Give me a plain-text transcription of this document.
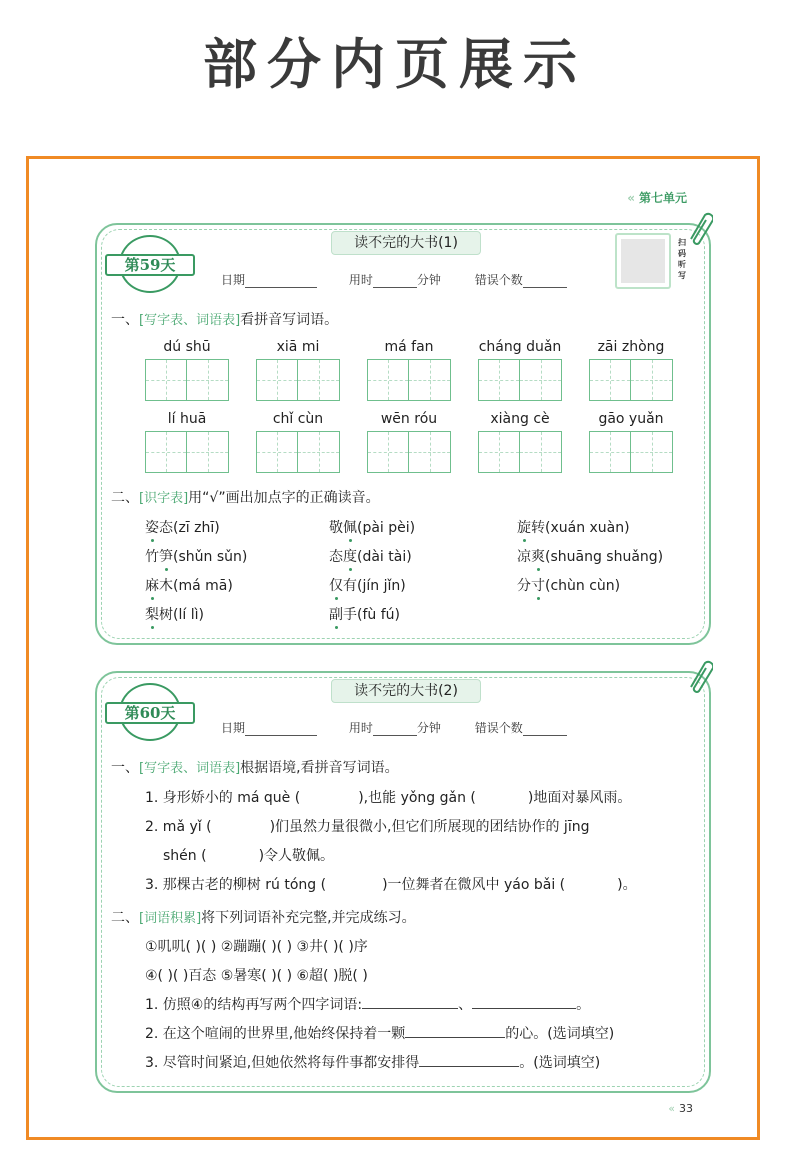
部分内页展示
« 第七单元
第59天
读不完的大书(1)
日期	用时	分钟	错误个数
扫码听写
一、[写字表、词语表]看拼音写词语。
dú shū	xiā mi	má fan	cháng duǎn	zāi zhòng
lí huā	chǐ cùn	wēn róu	xiàng cè	gāo yuǎn
二、[识字表]用“√”画出加点字的正确读音。
姿态(zī zhī)	敬佩(pài pèi)	旋转(xuán xuàn)
竹笋(shǔn sǔn)	态度(dài tài)	凉爽(shuāng shuǎng)
麻木(má mā)	仅有(jín jǐn)	分寸(chùn cùn)
梨树(lí lì)	副手(fù fú)
第60天
读不完的大书(2)
日期	用时	分钟	错误个数
一、[写字表、词语表]根据语境,看拼音写词语。
1. 身形娇小的 má què (	),也能 yǒng gǎn (	)地面对暴风雨。
2. mǎ yǐ (	)们虽然力量很微小,但它们所展现的团结协作的 jīng
shén (	)令人敬佩。
3. 那棵古老的柳树 rú tóng (	)一位舞者在微风中 yáo bǎi (	)。
二、[词语积累]将下列词语补充完整,并完成练习。
①叽叽( )( ) ②蹦蹦( )( ) ③井( )( )序
④( )( )百态 ⑤暑寒( )( ) ⑥超( )脱( )
1. 仿照④的结构再写两个四字词语:	、	。
2. 在这个喧闹的世界里,他始终保持着一颗	的心。(选词填空)
3. 尽管时间紧迫,但她依然将每件事都安排得	。(选词填空)
« 33
